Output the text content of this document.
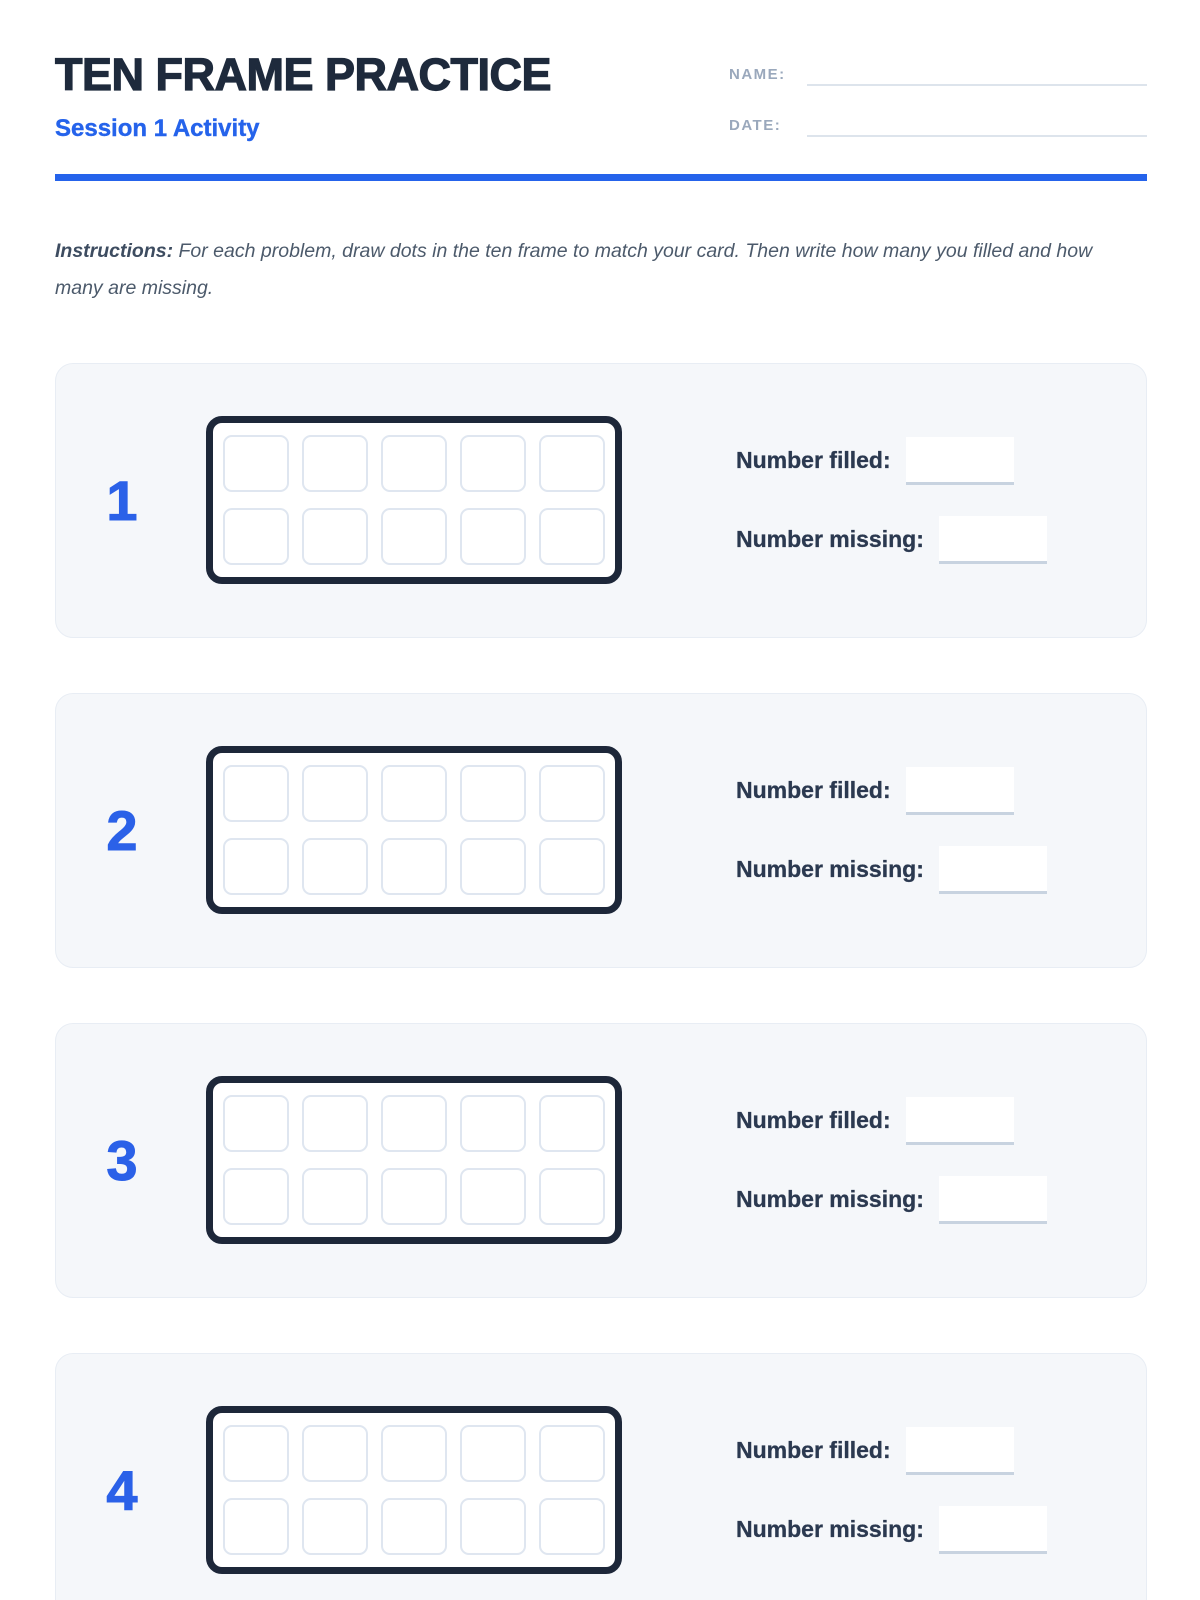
TEN FRAME PRACTICE
Session 1 Activity
NAME:
DATE:

Instructions: For each problem, draw dots in the ten frame to match your card. Then write how many you filled and how many are missing.

1
Number filled:
Number missing:
2
Number filled:
Number missing:
3
Number filled:
Number missing:
4
Number filled:
Number missing:
